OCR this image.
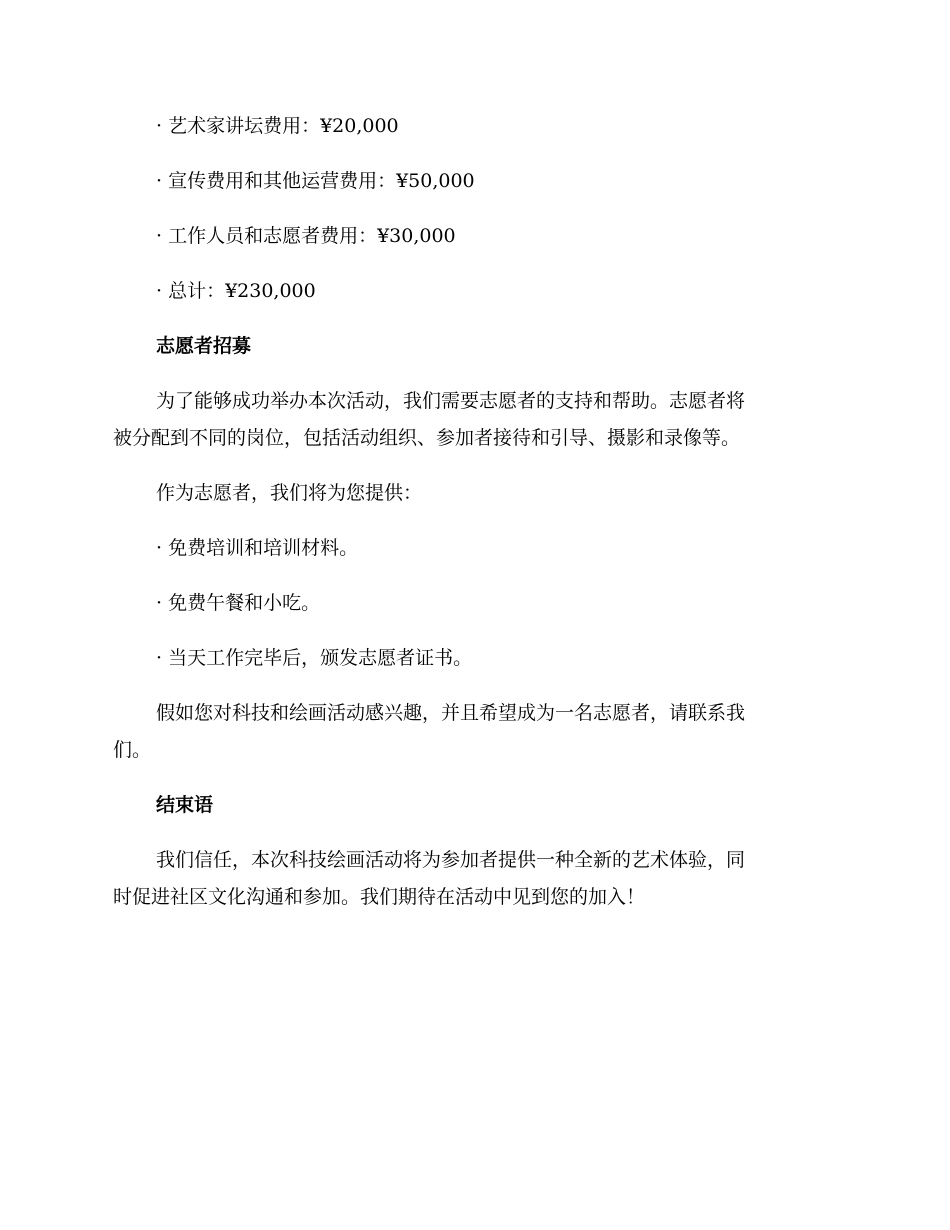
· 艺术家讲坛费用：¥20,000
· 宣传费用和其他运营费用：¥50,000
· 工作人员和志愿者费用：¥30,000
· 总计：¥230,000
志愿者招募
为了能够成功举办本次活动，我们需要志愿者的支持和帮助。志愿者将
被分配到不同的岗位，包括活动组织、参加者接待和引导、摄影和录像等。
作为志愿者，我们将为您提供：
· 免费培训和培训材料。
· 免费午餐和小吃。
· 当天工作完毕后，颁发志愿者证书。
假如您对科技和绘画活动感兴趣，并且希望成为一名志愿者，请联系我
们。
结束语
我们信任，本次科技绘画活动将为参加者提供一种全新的艺术体验，同
时促进社区文化沟通和参加。我们期待在活动中见到您的加入！
